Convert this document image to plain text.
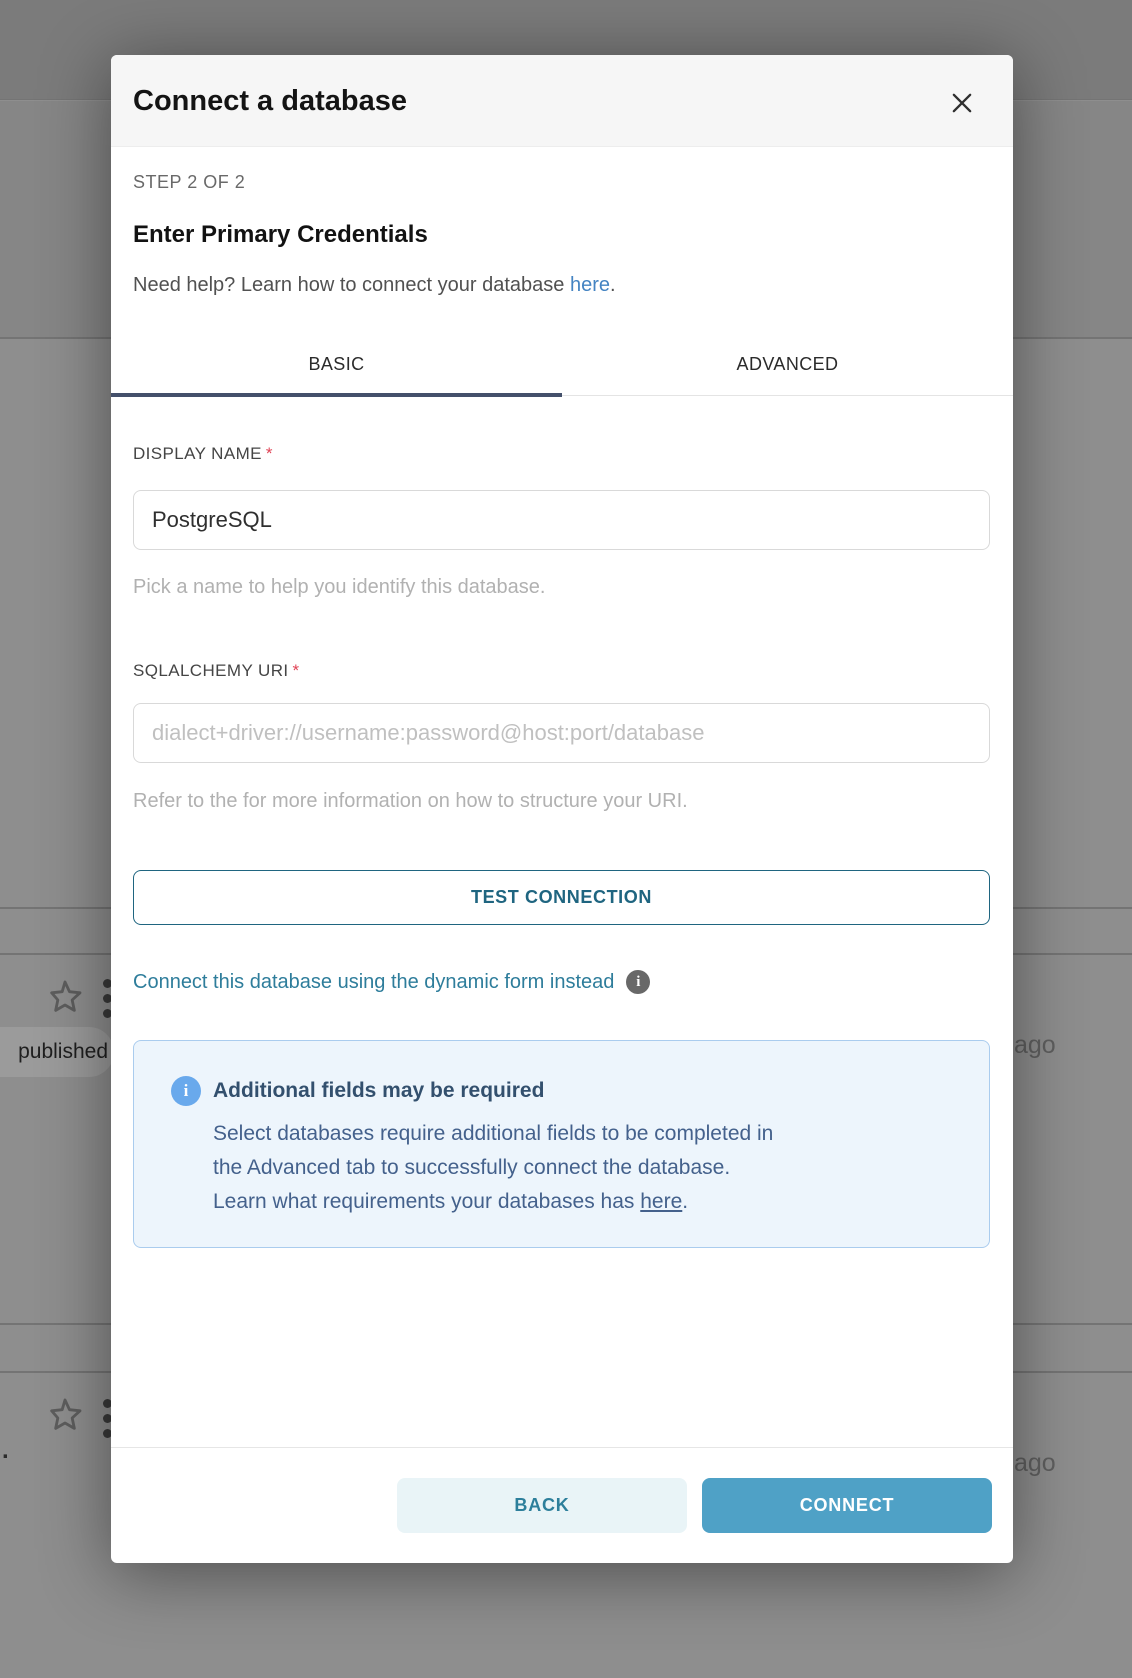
published	ago
.	ago
Connect a database
STEP 2 OF 2
Enter Primary Credentials
Need help? Learn how to connect your database here.
BASIC	ADVANCED
DISPLAY NAME *
PostgreSQL
Pick a name to help you identify this database.
SQLALCHEMY URI *
dialect+driver://username:password@host:port/database
Refer to the for more information on how to structure your URI.
TEST CONNECTION
Connect this database using the dynamic form instead	i
i	Additional fields may be required
Select databases require additional fields to be completed in
the Advanced tab to successfully connect the database.
Learn what requirements your databases has here.
BACK	CONNECT
